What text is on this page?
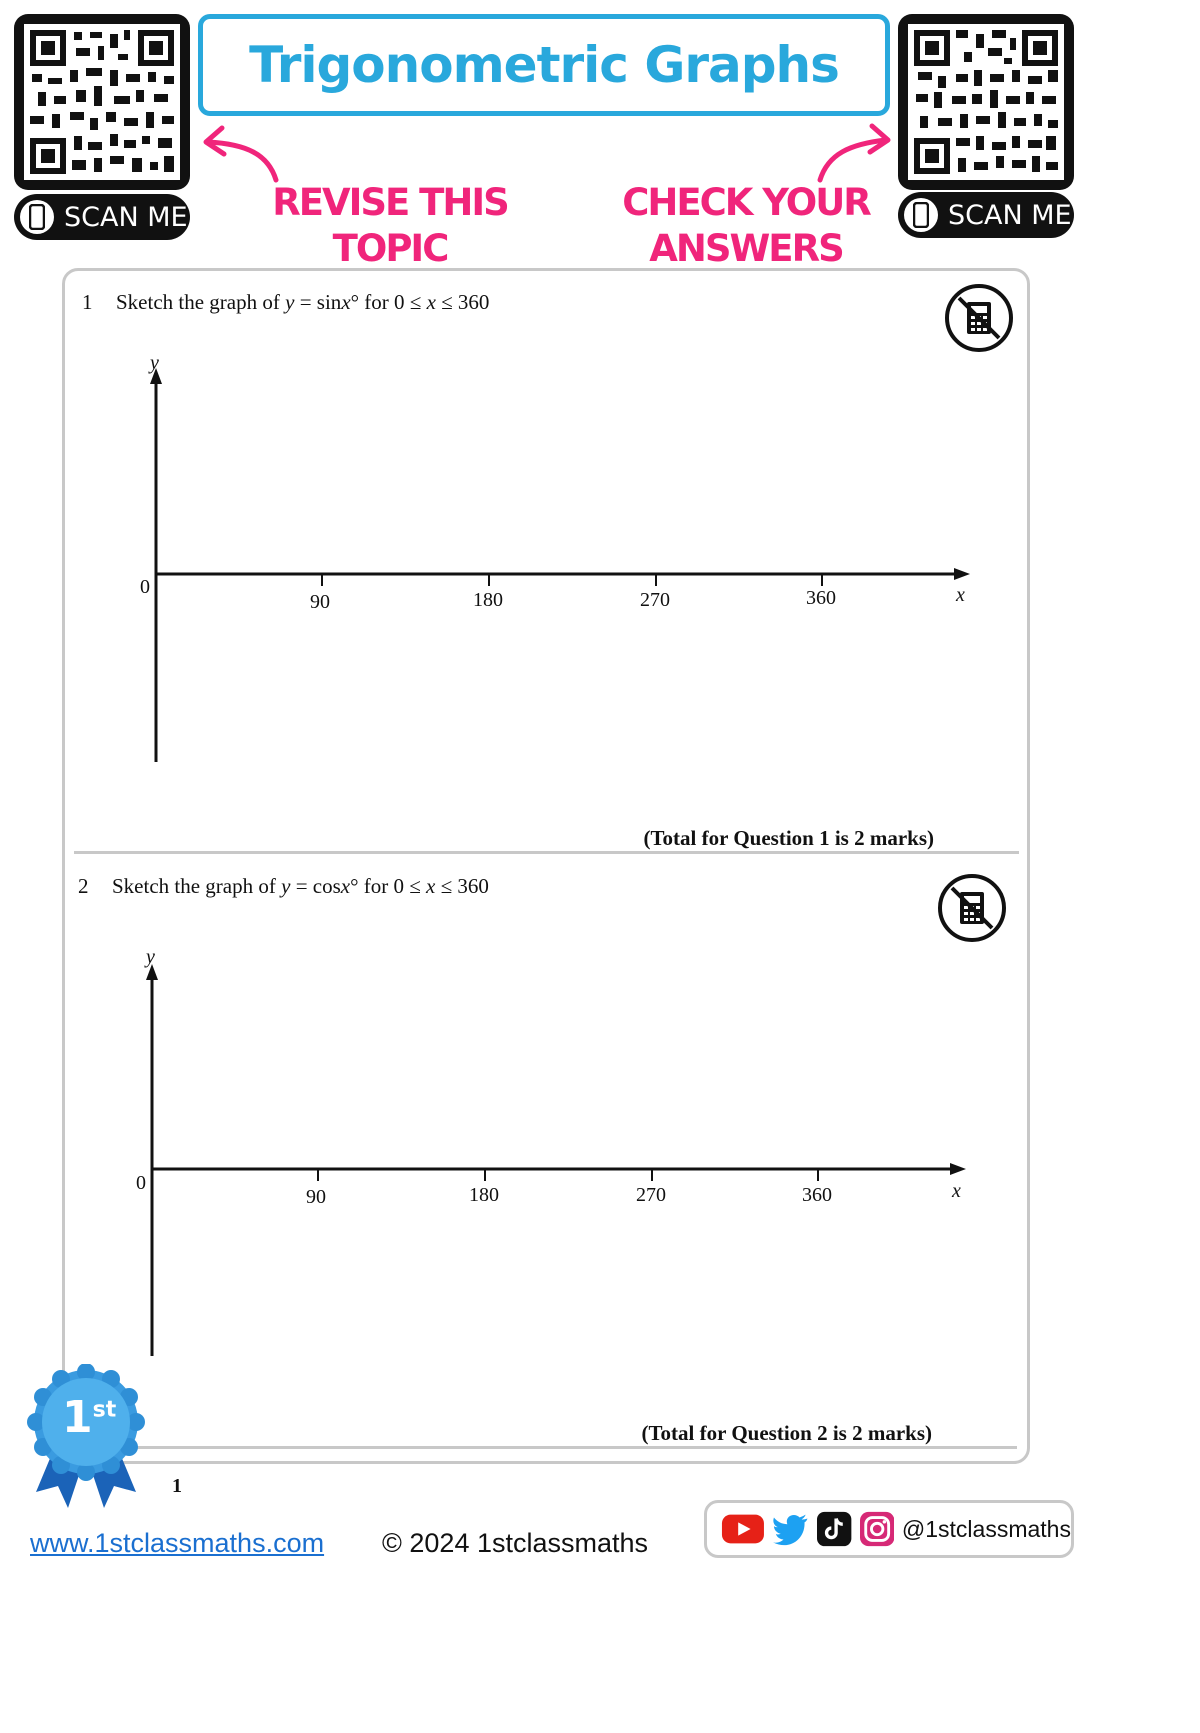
SCAN ME
Trigonometric Graphs
SCAN ME
REVISE THIS
TOPIC
CHECK YOUR
ANSWERS
1 Sketch the graph of y = sinx° for 0 ≤ x ≤ 360
y
0
90	180	270	360	x
(Total for Question 1 is 2 marks)
2 Sketch the graph of y = cosx° for 0 ≤ x ≤ 360
y
0
90	180	270	360	x
(Total for Question 2 is 2 marks)
1st
1
www.1stclassmaths.com © 2024 1stclassmaths	@1stclassmaths
